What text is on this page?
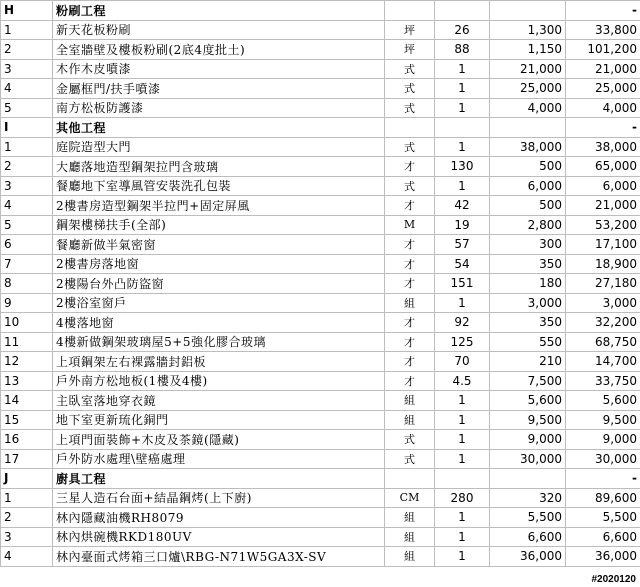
H	粉刷工程				-
1	新天花板粉刷	坪	26	1,300	33,800
2	全室牆壁及樓板粉刷(2底4度批土)	坪	88	1,150	101,200
3	木作木皮噴漆	式	1	21,000	21,000
4	金屬框門/扶手噴漆	式	1	25,000	25,000
5	南方松板防護漆	式	1	4,000	4,000
I	其他工程				-
1	庭院造型大門	式	1	38,000	38,000
2	大廳落地造型鋼架拉門含玻璃	才	130	500	65,000
3	餐廳地下室導風管安裝洗孔包裝	式	1	6,000	6,000
4	2樓書房造型鋼架半拉門+固定屏風	才	42	500	21,000
5	鋼架樓梯扶手(全部)	M	19	2,800	53,200
6	餐廳新做半氣密窗	才	57	300	17,100
7	2樓書房落地窗	才	54	350	18,900
8	2樓陽台外凸防盜窗	才	151	180	27,180
9	2樓浴室窗戶	組	1	3,000	3,000
10	4樓落地窗	才	92	350	32,200
11	4樓新做鋼架玻璃屋5+5強化膠合玻璃	才	125	550	68,750
12	上項鋼架左右裸露牆封鋁板	才	70	210	14,700
13	戶外南方松地板(1樓及4樓)	才	4.5	7,500	33,750
14	主臥室落地穿衣鏡	組	1	5,600	5,600
15	地下室更新琉化銅門	組	1	9,500	9,500
16	上項門面裝飾+木皮及茶鏡(隱藏)	式	1	9,000	9,000
17	戶外防水處理\壁癌處理	式	1	30,000	30,000
J	廚具工程				-
1	三星人造石台面+結晶鋼烤(上下廚)	CM	280	320	89,600
2	林內隱藏油機RH8079	組	1	5,500	5,500
3	林內烘碗機RKD180UV	組	1	6,600	6,600
4	林內臺面式烤箱三口爐\RBG-N71W5GA3X-SV	組	1	36,000	36,000
#2020120
